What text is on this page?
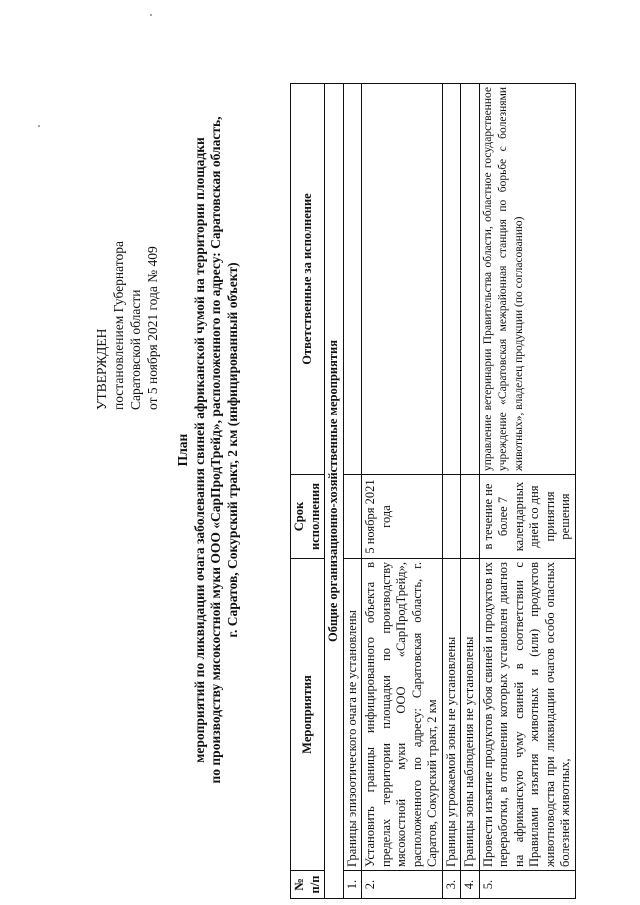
УТВЕРЖДЕН постановлением Губернатора Саратовской области от 5 ноября 2021 года № 409
План мероприятий по ликвидации очага заболевания свиней африканской чумой на территории площадки по производству мясокостной муки ООО «СарПродТрейд», расположенного по адресу: Саратовская область, г. Саратов, Сокурский тракт, 2 км (инфицированный объект)
№ п/п	Мероприятия	Срок исполнения	Ответственные за исполнение
Общие организационно-хозяйственные мероприятия			
1.	Границы эпизоотического очага не установлены		
2.	Установить границы инфицированного объекта в пределах территории площадки по производству мясокостной муки ООО «СарПродТрейд», расположенного по адресу: Саратовская область, г. Саратов, Сокурский тракт, 2 км	5 ноября 2021 года	
3.	Границы угрожаемой зоны не установлены		
4.	Границы зоны наблюдения не установлены		
5.	Провести изъятие продуктов убоя свиней и продуктов их переработки, в отношении которых установлен диагноз на африканскую чуму свиней в соответствии с Правилами изъятия животных и (или) продуктов животноводства при ликвидации очагов особо опасных болезней животных,	в течение не более 7 календарных дней со дня принятия решения	управление ветеринарии Правительства области, областное государственное учреждение «Саратовская межрайонная станция по борьбе с болезнями животных», владелец продукции (по согласованию)
